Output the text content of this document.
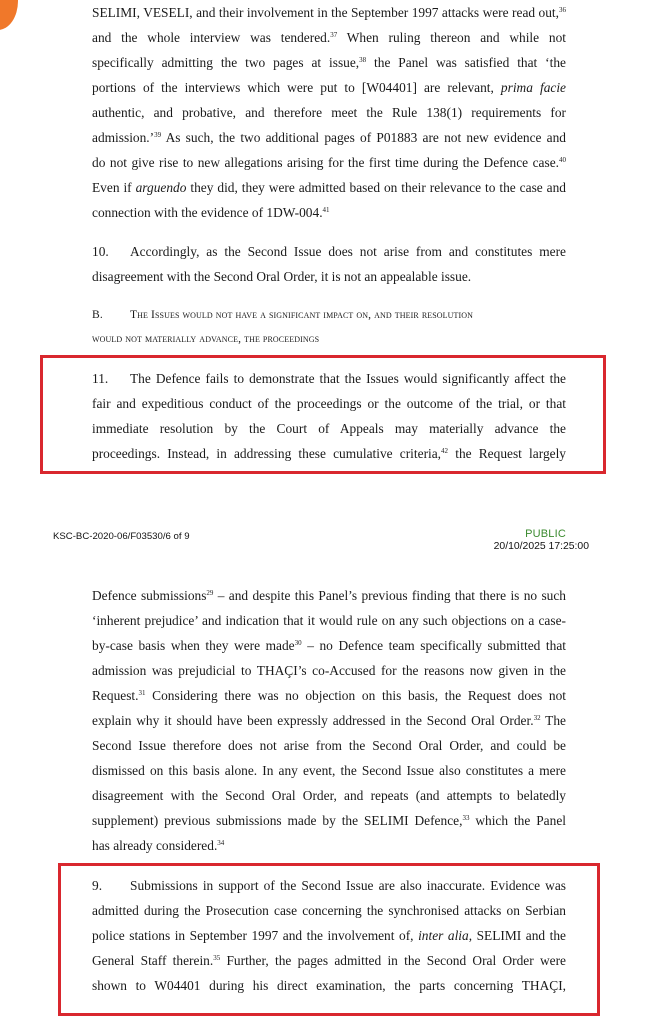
SELIMI, VESELI, and their involvement in the September 1997 attacks were read out,$^{36}$
and the whole interview was tendered.$^{37}$ When ruling thereon and while not
specifically admitting the two pages at issue,$^{38}$ the Panel was satisfied that ‘the
portions of the interviews which were put to [W04401] are relevant, prima facie
authentic, and probative, and therefore meet the Rule 138(1) requirements for
admission.’$^{39}$ As such, the two additional pages of P01883 are not new evidence and
do not give rise to new allegations arising for the first time during the Defence case.$^{40}$
Even if arguendo they did, they were admitted based on their relevance to the case and
connection with the evidence of 1DW-004.41
10. Accordingly, as the Second Issue does not arise from and constitutes mere
disagreement with the Second Oral Order, it is not an appealable issue.
B. The Issues would not have a significant impact on, and their resolution
would not materially advance, the proceedings
11. The Defence fails to demonstrate that the Issues would significantly affect the
fair and expeditious conduct of the proceedings or the outcome of the trial, or that
immediate resolution by the Court of Appeals may materially advance the
proceedings. Instead, in addressing these cumulative criteria,$^{42}$ the Request largely
KSC-BC-2020-06/F03530/6 of 9	PUBLIC
20/10/2025 17:25:00
Defence submissions$^{29}$ – and despite this Panel’s previous finding that there is no such
‘inherent prejudice’ and indication that it would rule on any such objections on a case-
by-case basis when they were made$^{30}$ – no Defence team specifically submitted that
admission was prejudicial to THAÇI’s co-Accused for the reasons now given in the
Request.$^{31}$ Considering there was no objection on this basis, the Request does not
explain why it should have been expressly addressed in the Second Oral Order.$^{32}$ The
Second Issue therefore does not arise from the Second Oral Order, and could be
dismissed on this basis alone. In any event, the Second Issue also constitutes a mere
disagreement with the Second Oral Order, and repeats (and attempts to belatedly
supplement) previous submissions made by the SELIMI Defence,$^{33}$ which the Panel
has already considered.$^{34}$
9. Submissions in support of the Second Issue are also inaccurate. Evidence was
admitted during the Prosecution case concerning the synchronised attacks on Serbian
police stations in September 1997 and the involvement of, inter alia, SELIMI and the
General Staff therein.$^{35}$ Further, the pages admitted in the Second Oral Order were
shown to W04401 during his direct examination, the parts concerning THAÇI,
